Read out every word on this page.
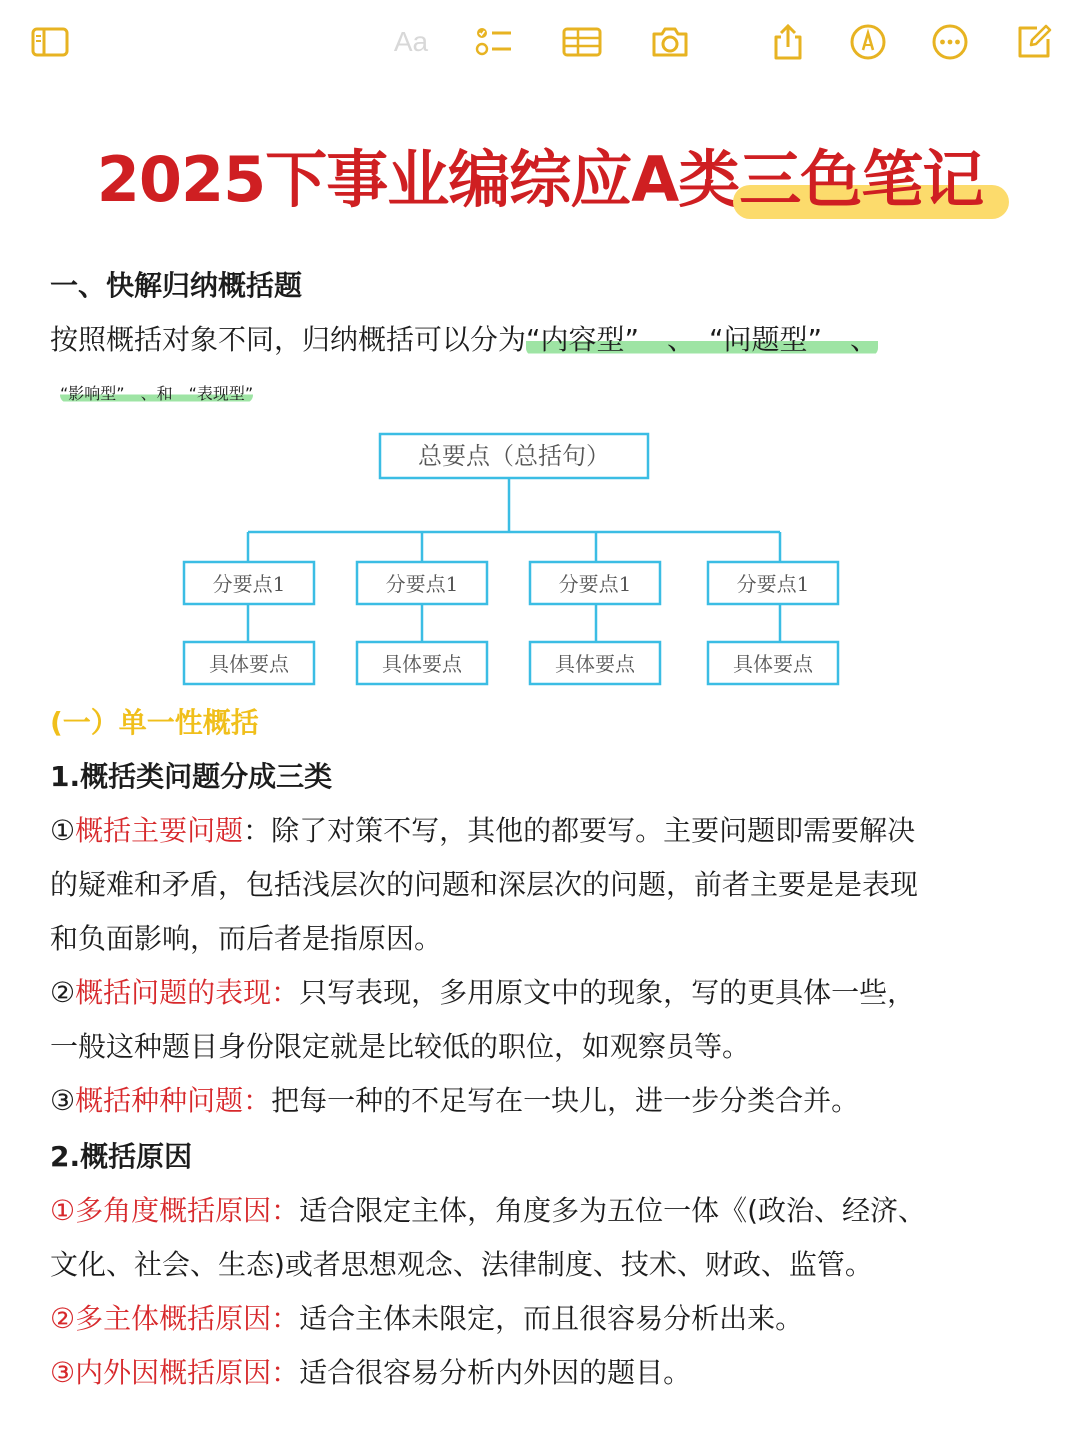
Aa
2025下事业编综应A类三色笔记
一、快解归纳概括题
按照概括对象不同，归纳概括可以分为“内容型”　、　“问题型”　、
“影响型”　、和　“表现型”
总要点（总括句）
分要点1	分要点1	分要点1	分要点1
具体要点	具体要点	具体要点	具体要点
(一）单一性概括
1.概括类问题分成三类
①概括主要问题：除了对策不写，其他的都要写。主要问题即需要解决
的疑难和矛盾，包括浅层次的问题和深层次的问题，前者主要是是表现
和负面影响，而后者是指原因。
②概括问题的表现：只写表现，多用原文中的现象，写的更具体一些，
一般这种题目身份限定就是比较低的职位，如观察员等。
③概括种种问题：把每一种的不足写在一块儿，进一步分类合并。
2.概括原因
①多角度概括原因：适合限定主体，角度多为五位一体《(政治、经济、
文化、社会、生态)或者思想观念、法律制度、技术、财政、监管。
②多主体概括原因：适合主体未限定，而且很容易分析出来。
③内外因概括原因：适合很容易分析内外因的题目。
